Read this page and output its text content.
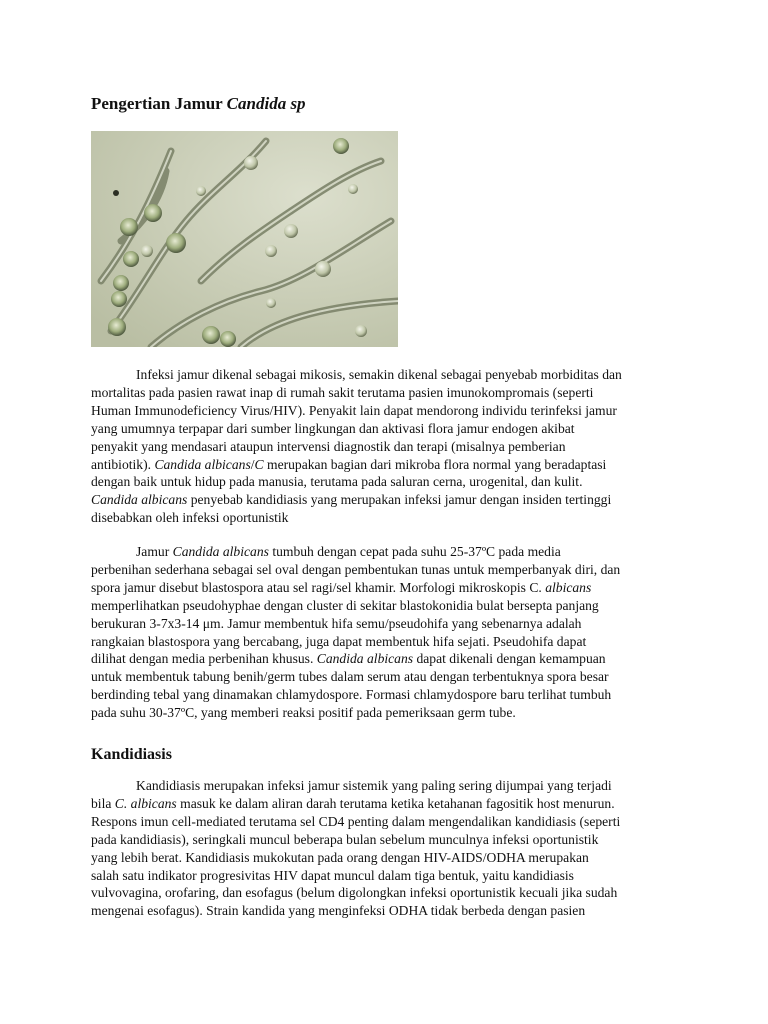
Pengertian Jamur Candida sp

Infeksi jamur dikenal sebagai mikosis, semakin dikenal sebagai penyebab morbiditas dan
mortalitas pada pasien rawat inap di rumah sakit terutama pasien imunokompromais (seperti
Human Immunodeficiency Virus/HIV). Penyakit lain dapat mendorong individu terinfeksi jamur
yang umumnya terpapar dari sumber lingkungan dan aktivasi flora jamur endogen akibat
penyakit yang mendasari ataupun intervensi diagnostik dan terapi (misalnya pemberian
antibiotik). Candida albicans/C merupakan bagian dari mikroba flora normal yang beradaptasi
dengan baik untuk hidup pada manusia, terutama pada saluran cerna, urogenital, dan kulit.
Candida albicans penyebab kandidiasis yang merupakan infeksi jamur dengan insiden tertinggi
disebabkan oleh infeksi oportunistik

Jamur Candida albicans tumbuh dengan cepat pada suhu 25-37ºC pada media
perbenihan sederhana sebagai sel oval dengan pembentukan tunas untuk memperbanyak diri, dan
spora jamur disebut blastospora atau sel ragi/sel khamir. Morfologi mikroskopis C. albicans
memperlihatkan pseudohyphae dengan cluster di sekitar blastokonidia bulat bersepta panjang
berukuran 3-7x3-14 μm. Jamur membentuk hifa semu/pseudohifa yang sebenarnya adalah
rangkaian blastospora yang bercabang, juga dapat membentuk hifa sejati. Pseudohifa dapat
dilihat dengan media perbenihan khusus. Candida albicans dapat dikenali dengan kemampuan
untuk membentuk tabung benih/germ tubes dalam serum atau dengan terbentuknya spora besar
berdinding tebal yang dinamakan chlamydospore. Formasi chlamydospore baru terlihat tumbuh
pada suhu 30-37ºC, yang memberi reaksi positif pada pemeriksaan germ tube.

Kandidiasis

Kandidiasis merupakan infeksi jamur sistemik yang paling sering dijumpai yang terjadi
bila C. albicans masuk ke dalam aliran darah terutama ketika ketahanan fagositik host menurun.
Respons imun cell-mediated terutama sel CD4 penting dalam mengendalikan kandidiasis (seperti
pada kandidiasis), seringkali muncul beberapa bulan sebelum munculnya infeksi oportunistik
yang lebih berat. Kandidiasis mukokutan pada orang dengan HIV-AIDS/ODHA merupakan
salah satu indikator progresivitas HIV dapat muncul dalam tiga bentuk, yaitu kandidiasis
vulvovagina, orofaring, dan esofagus (belum digolongkan infeksi oportunistik kecuali jika sudah
mengenai esofagus). Strain kandida yang menginfeksi ODHA tidak berbeda dengan pasien
